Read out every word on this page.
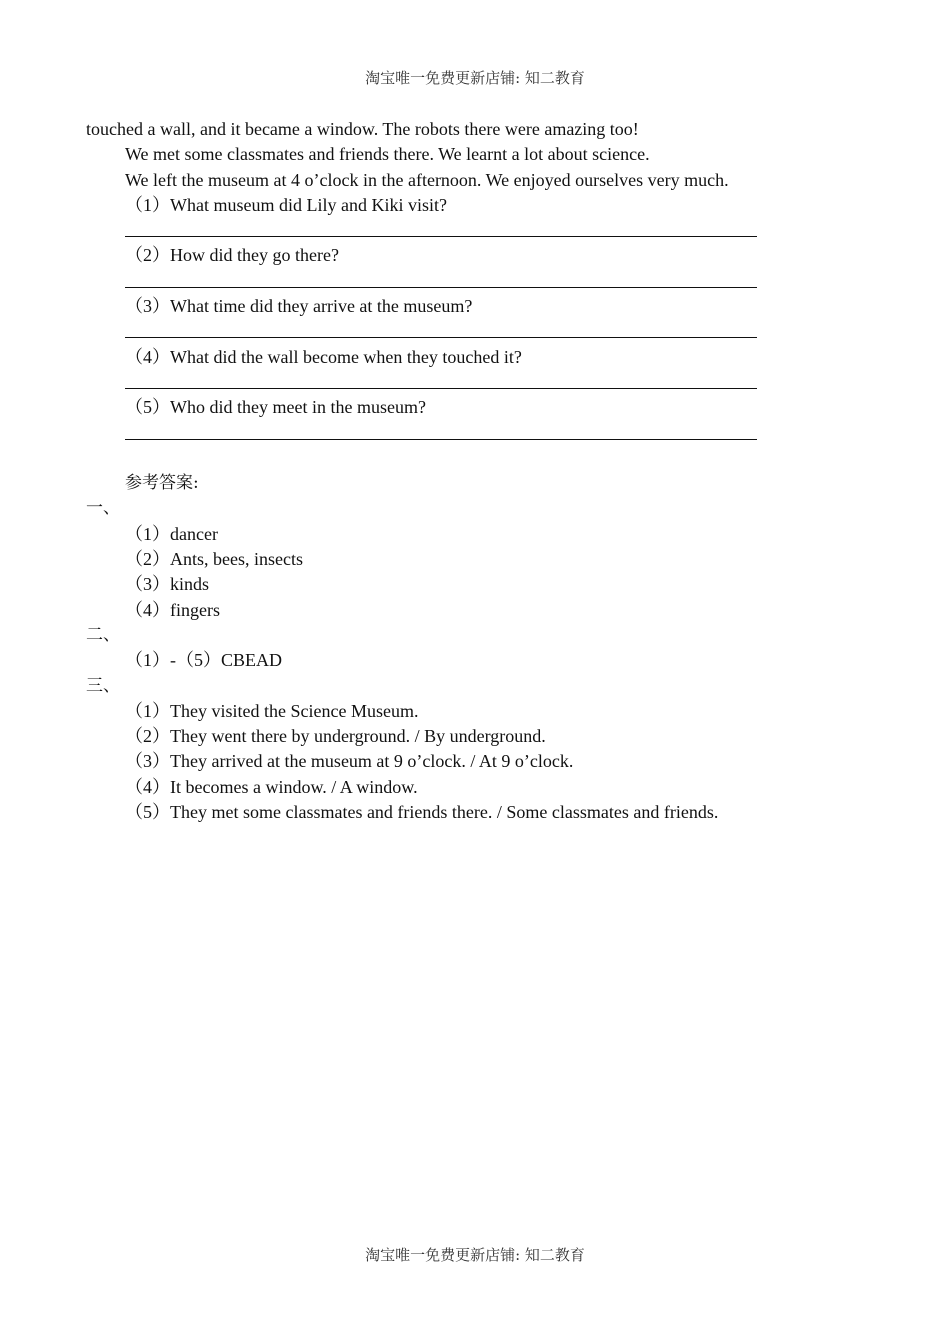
淘宝唯一免费更新店铺: 知二教育
touched a wall, and it became a window. The robots there were amazing too!
We met some classmates and friends there. We learnt a lot about science.
We left the museum at 4 o’clock in the afternoon. We enjoyed ourselves very much.
（1）What museum did Lily and Kiki visit?
（2）How did they go there?
（3）What time did they arrive at the museum?
（4）What did the wall become when they touched it?
（5）Who did they meet in the museum?
参考答案:
一、
（1）dancer
（2）Ants, bees, insects
（3）kinds
（4）fingers
二、
（1）-（5）CBEAD
三、
（1）They visited the Science Museum.
（2）They went there by underground. / By underground.
（3）They arrived at the museum at 9 o’clock. / At 9 o’clock.
（4）It becomes a window. / A window.
（5）They met some classmates and friends there. / Some classmates and friends.
淘宝唯一免费更新店铺: 知二教育
